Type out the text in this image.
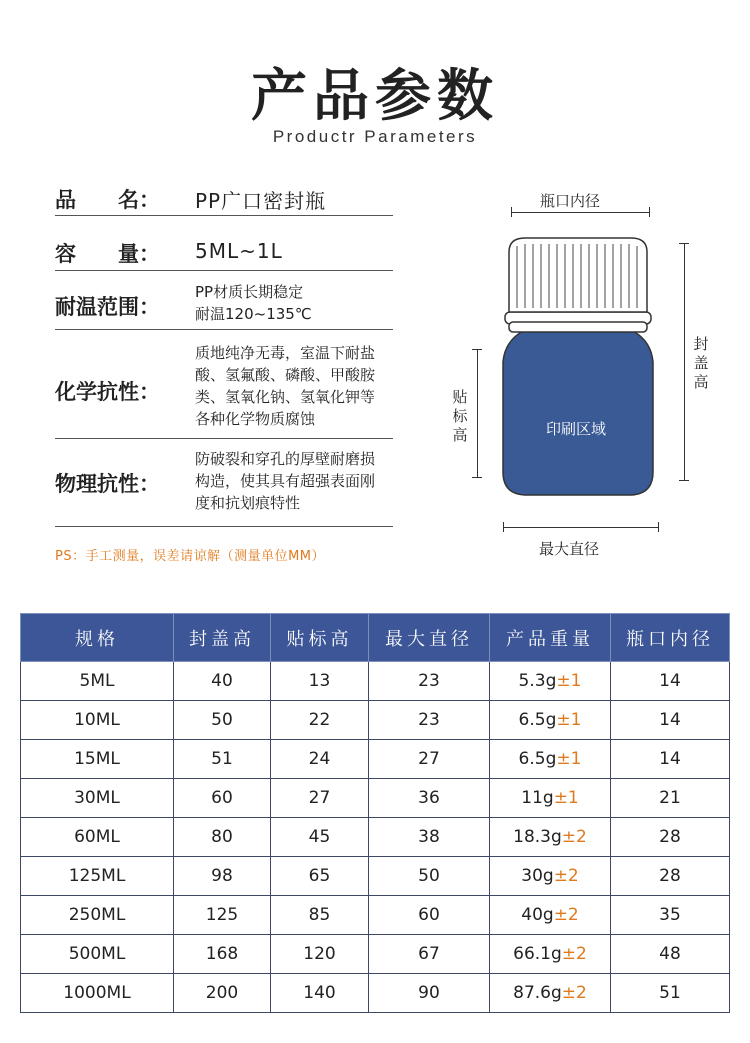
产品参数
Productr Parameters
品　　名： PP广口密封瓶
容　　量： 5ML~1L
耐温范围：
PP材质长期稳定
耐温120~135℃
化学抗性：
质地纯净无毒，室温下耐盐
酸、氢氟酸、磷酸、甲酸胺
类、氢氧化钠、氢氧化钾等
各种化学物质腐蚀
物理抗性：
防破裂和穿孔的厚壁耐磨损
构造，使其具有超强表面刚
度和抗划痕特性
PS：手工测量，误差请谅解（测量单位MM）
瓶口内径
封盖高
贴标高	印刷区域
最大直径
规格	封盖高	贴标高	最大直径	产品重量	瓶口内径
5ML	40	13	23	5.3g±1	14
10ML	50	22	23	6.5g±1	14
15ML	51	24	27	6.5g±1	14
30ML	60	27	36	11g±1	21
60ML	80	45	38	18.3g±2	28
125ML	98	65	50	30g±2	28
250ML	125	85	60	40g±2	35
500ML	168	120	67	66.1g±2	48
1000ML	200	140	90	87.6g±2	51
